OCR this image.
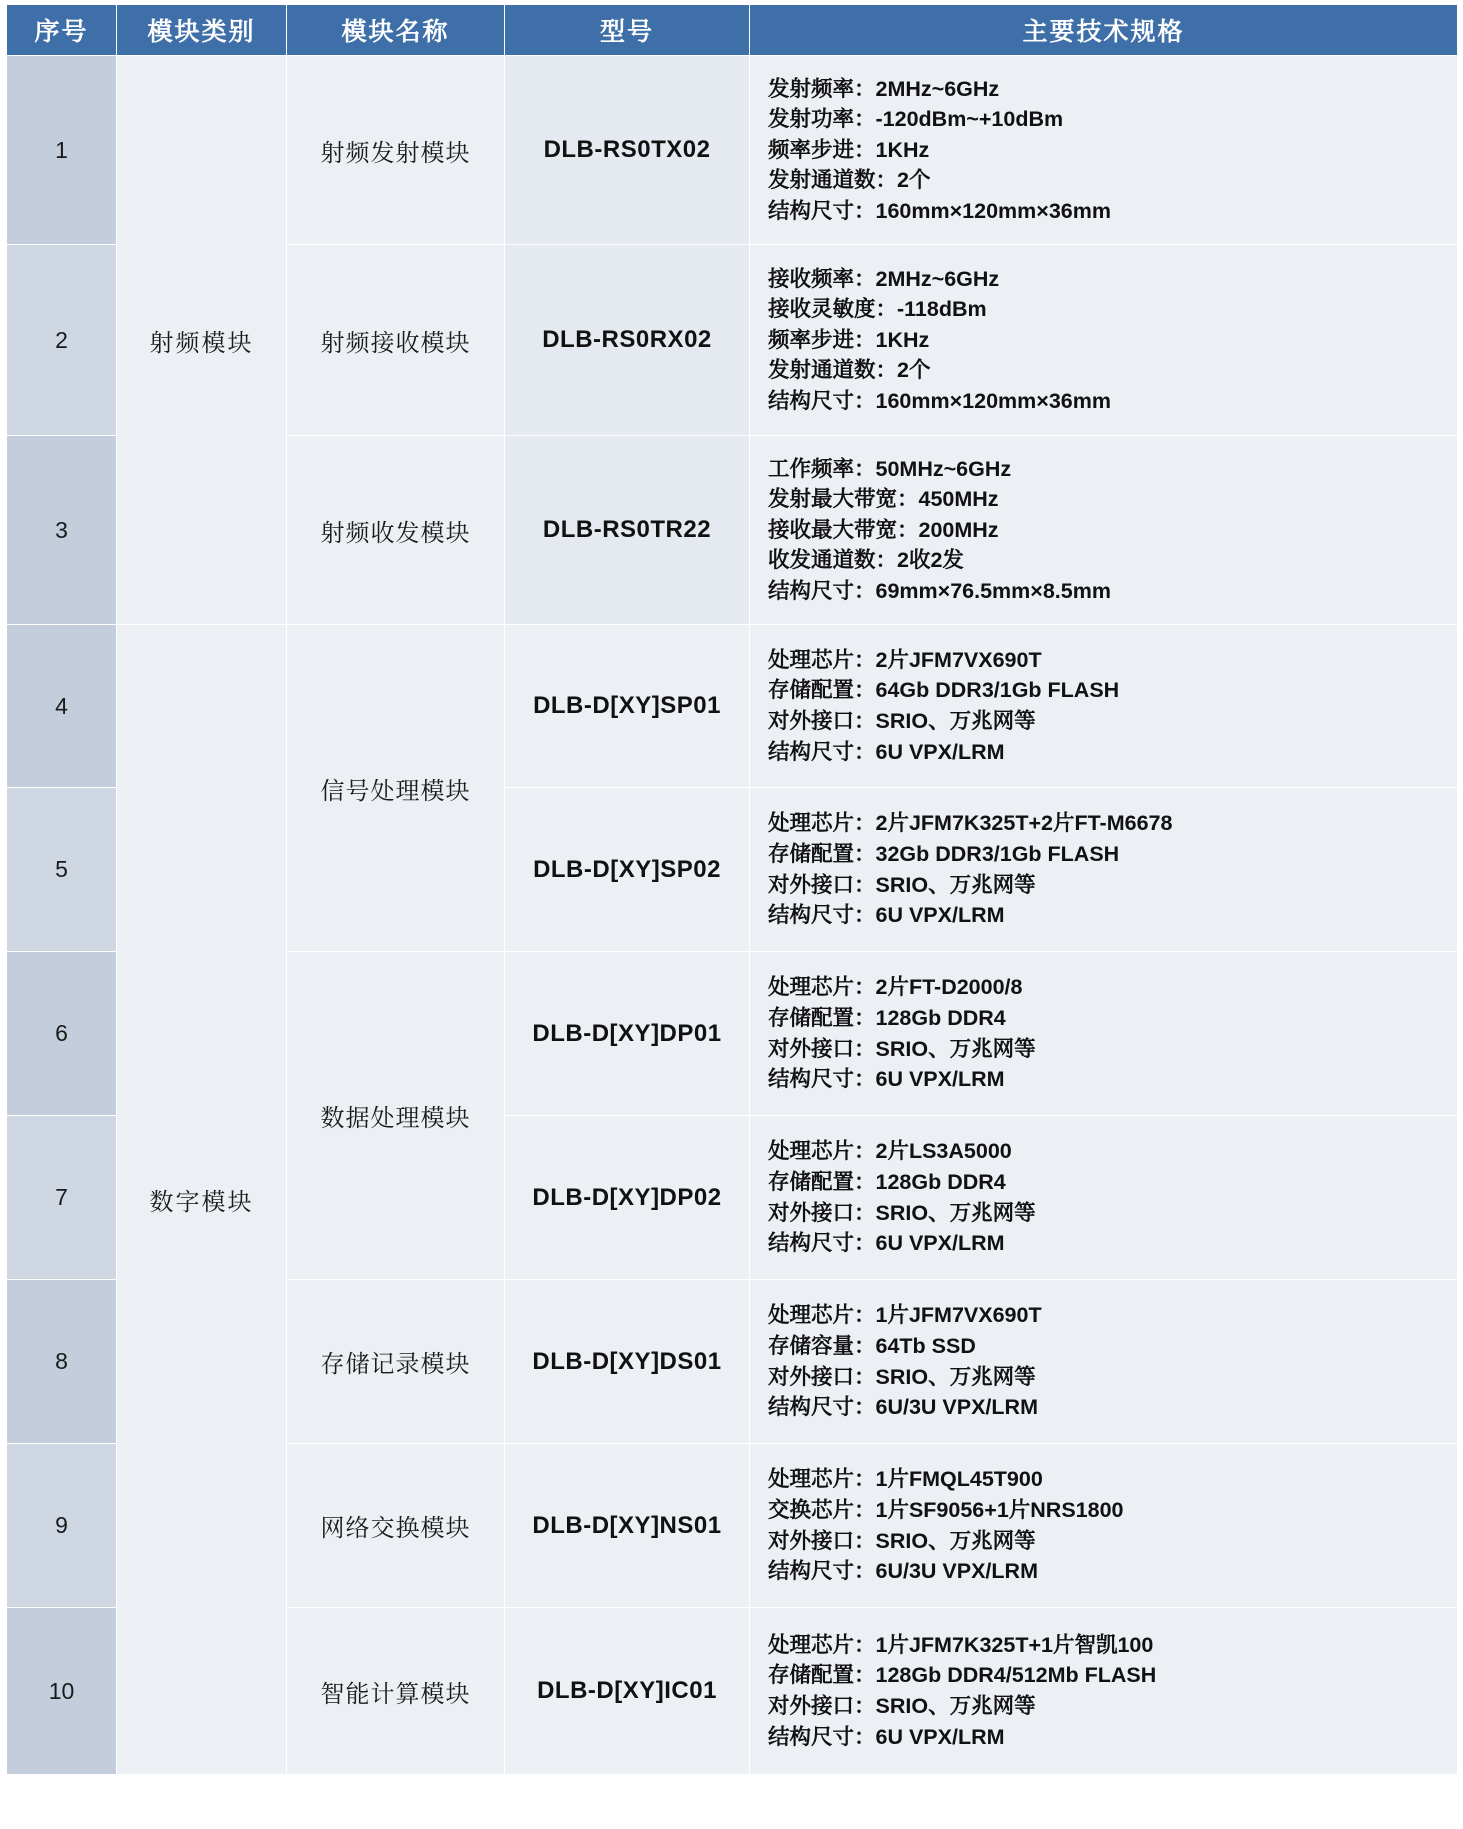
序号	模块类别	模块名称	型号	主要技术规格
1	射频模块	射频发射模块	DLB-RS0TX02	发射频率：2MHz~6GHz
发射功率：-120dBm~+10dBm
频率步进：1KHz
发射通道数：2个
结构尺寸：160mm×120mm×36mm

2		射频接收模块	DLB-RS0RX02	接收频率：2MHz~6GHz
接收灵敏度：-118dBm
频率步进：1KHz
发射通道数：2个
结构尺寸：160mm×120mm×36mm

3		射频收发模块	DLB-RS0TR22	工作频率：50MHz~6GHz
发射最大带宽：450MHz
接收最大带宽：200MHz
收发通道数：2收2发
结构尺寸：69mm×76.5mm×8.5mm

4	数字模块	信号处理模块	DLB-D[XY]SP01	处理芯片：2片JFM7VX690T
存储配置：64Gb DDR3/1Gb FLASH
对外接口：SRIO、万兆网等
结构尺寸：6U VPX/LRM

5			DLB-D[XY]SP02	处理芯片：2片JFM7K325T+2片FT-M6678
存储配置：32Gb DDR3/1Gb FLASH
对外接口：SRIO、万兆网等
结构尺寸：6U VPX/LRM

6		数据处理模块	DLB-D[XY]DP01	处理芯片：2片FT-D2000/8
存储配置：128Gb DDR4
对外接口：SRIO、万兆网等
结构尺寸：6U VPX/LRM

7			DLB-D[XY]DP02	处理芯片：2片LS3A5000
存储配置：128Gb DDR4
对外接口：SRIO、万兆网等
结构尺寸：6U VPX/LRM

8		存储记录模块	DLB-D[XY]DS01	处理芯片：1片JFM7VX690T
存储容量：64Tb SSD
对外接口：SRIO、万兆网等
结构尺寸：6U/3U VPX/LRM

9		网络交换模块	DLB-D[XY]NS01	处理芯片：1片FMQL45T900
交换芯片：1片SF9056+1片NRS1800
对外接口：SRIO、万兆网等
结构尺寸：6U/3U VPX/LRM

10		智能计算模块	DLB-D[XY]IC01	处理芯片：1片JFM7K325T+1片智凯100
存储配置：128Gb DDR4/512Mb FLASH
对外接口：SRIO、万兆网等
结构尺寸：6U VPX/LRM
